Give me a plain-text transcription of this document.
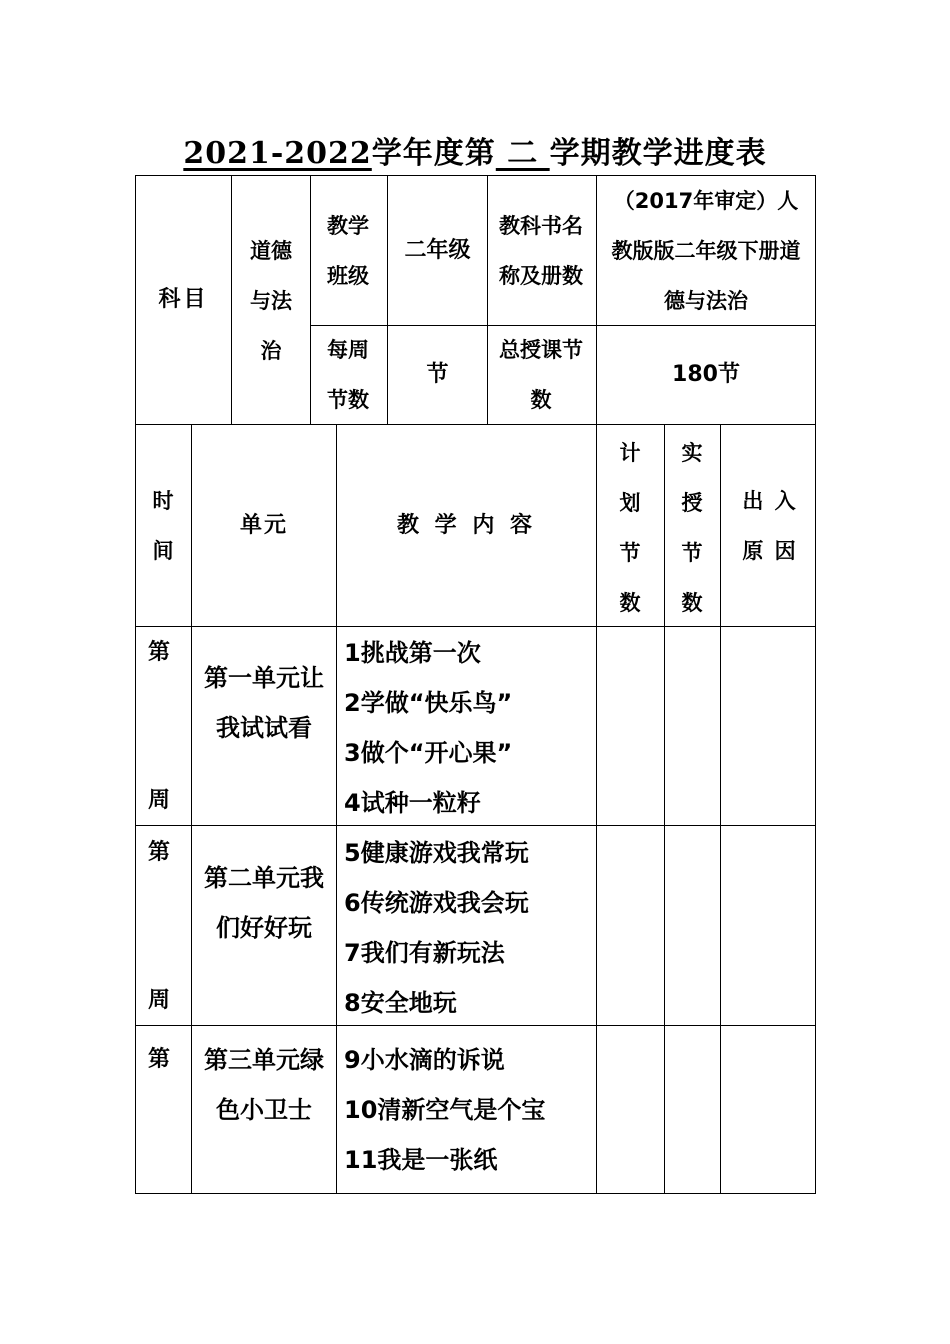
2021-2022学年度第 二 学期教学进度表
科目
道德与法治
教学班级
二年级
教科书名称及册数
（2017年审定）人教版版二年级下册道德与法治
每周节数
节
总授课节数
180节
时间
单元	教 学 内 容
计划节数
实授节数
出 入 原 因
第
周
第一单元让我试试看
1挑战第一次
2学做“快乐鸟”
3做个“开心果”
4试种一粒籽
第
周
第二单元我们好好玩
5健康游戏我常玩
6传统游戏我会玩
7我们有新玩法
8安全地玩
第	第三单元绿色小卫士
9小水滴的诉说
10清新空气是个宝
11我是一张纸
